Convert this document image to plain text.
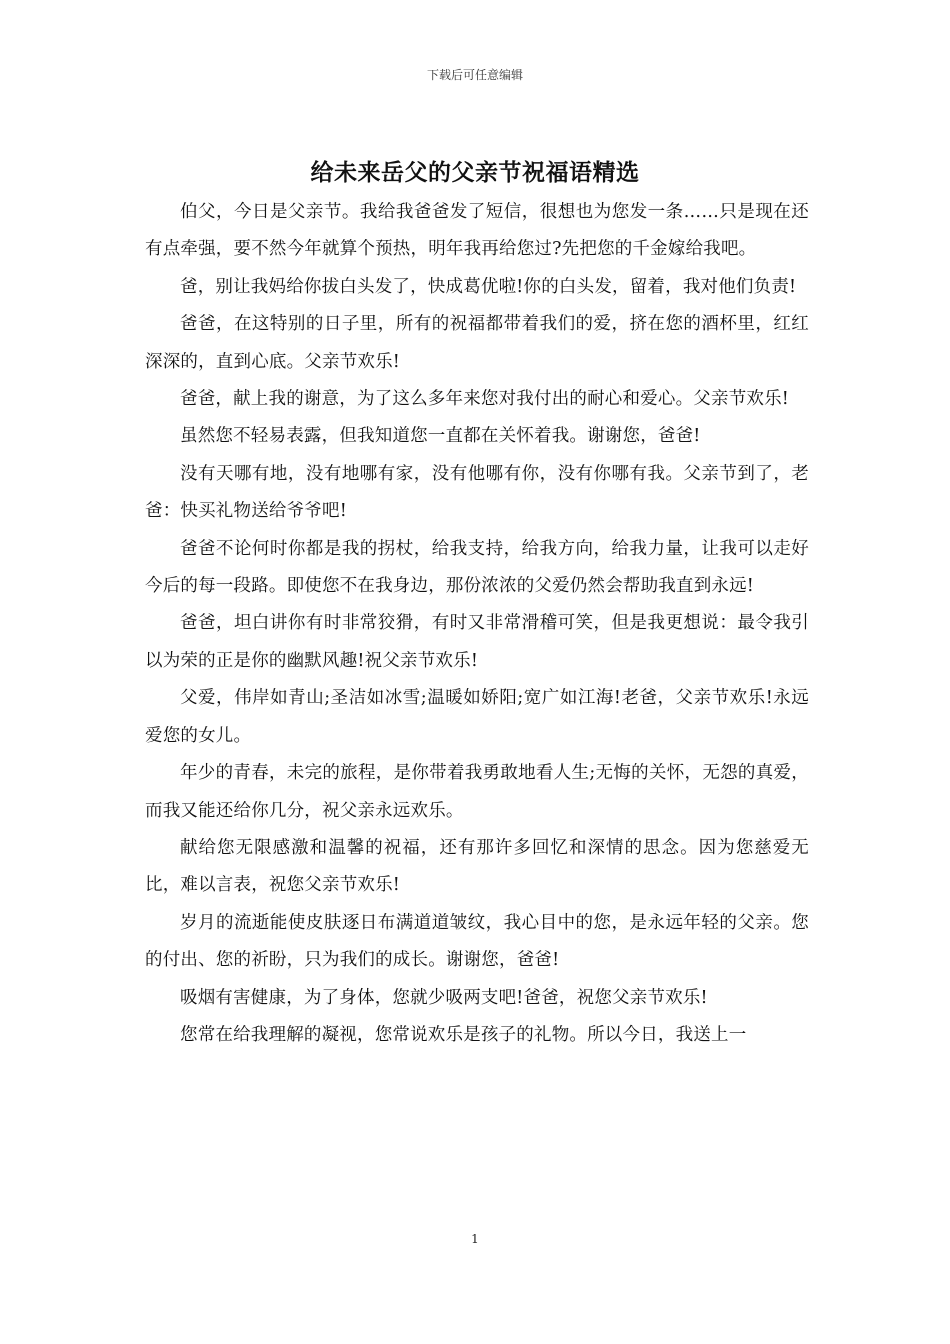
下载后可任意编辑
给未来岳父的父亲节祝福语精选

伯父，今日是父亲节。我给我爸爸发了短信，很想也为您发一条……只是现在还有点牵强，要不然今年就算个预热，明年我再给您过?先把您的千金嫁给我吧。

爸，别让我妈给你拔白头发了，快成葛优啦!你的白头发，留着，我对他们负责!

爸爸，在这特别的日子里，所有的祝福都带着我们的爱，挤在您的酒杯里，红红深深的，直到心底。父亲节欢乐!

爸爸，献上我的谢意，为了这么多年来您对我付出的耐心和爱心。父亲节欢乐!

虽然您不轻易表露，但我知道您一直都在关怀着我。谢谢您，爸爸!

没有天哪有地，没有地哪有家，没有他哪有你，没有你哪有我。父亲节到了，老爸：快买礼物送给爷爷吧!

爸爸不论何时你都是我的拐杖，给我支持，给我方向，给我力量，让我可以走好今后的每一段路。即使您不在我身边，那份浓浓的父爱仍然会帮助我直到永远!

爸爸，坦白讲你有时非常狡猾，有时又非常滑稽可笑，但是我更想说：最令我引以为荣的正是你的幽默风趣!祝父亲节欢乐!

父爱，伟岸如青山;圣洁如冰雪;温暖如娇阳;宽广如江海!老爸，父亲节欢乐!永远爱您的女儿。

年少的青春，未完的旅程，是你带着我勇敢地看人生;无悔的关怀，无怨的真爱，而我又能还给你几分，祝父亲永远欢乐。

献给您无限感激和温馨的祝福，还有那许多回忆和深情的思念。因为您慈爱无比，难以言表，祝您父亲节欢乐!

岁月的流逝能使皮肤逐日布满道道皱纹，我心目中的您，是永远年轻的父亲。您的付出、您的祈盼，只为我们的成长。谢谢您，爸爸!

吸烟有害健康，为了身体，您就少吸两支吧!爸爸，祝您父亲节欢乐!

您常在给我理解的凝视，您常说欢乐是孩子的礼物。所以今日，我送上一

1
